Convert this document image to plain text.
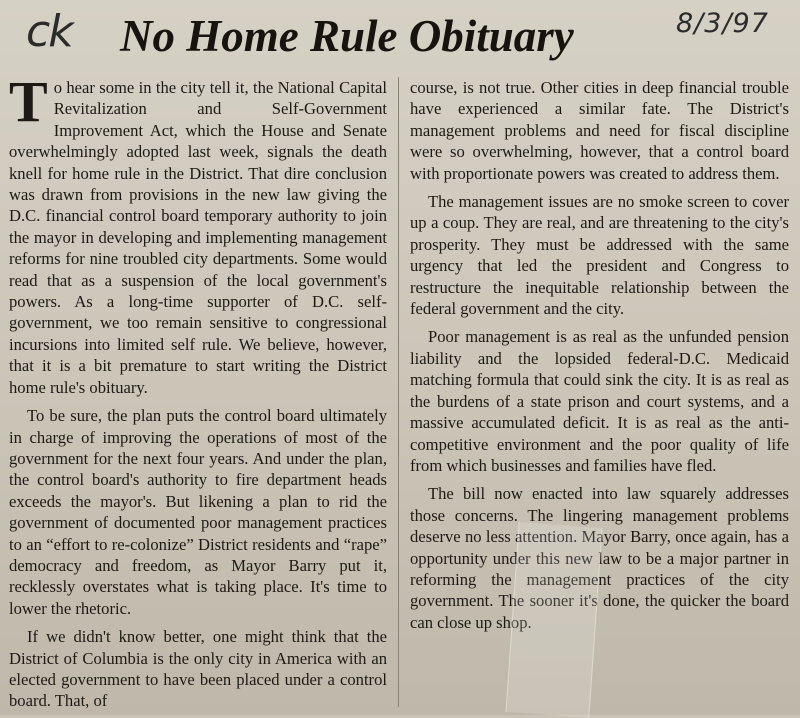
ck No Home Rule Obituary	8/3/97

To hear some in the city tell it, the National Capital Revitalization and Self-Government Improvement Act, which the House and Senate overwhelmingly adopted last week, signals the death knell for home rule in the District. That dire conclusion was drawn from provisions in the new law giving the D.C. financial control board temporary authority to join the mayor in developing and implementing management reforms for nine troubled city departments. Some would read that as a suspension of the local government's powers. As a long-time supporter of D.C. self-government, we too remain sensitive to congressional incursions into limited self rule. We believe, however, that it is a bit premature to start writing the District home rule's obituary.

To be sure, the plan puts the control board ultimately in charge of improving the operations of most of the government for the next four years. And under the plan, the control board's authority to fire department heads exceeds the mayor's. But likening a plan to rid the government of documented poor management practices to an “effort to re-colonize” District residents and “rape” democracy and freedom, as Mayor Barry put it, recklessly overstates what is taking place. It's time to lower the rhetoric.

If we didn't know better, one might think that the District of Columbia is the only city in America with an elected government to have been placed under a control board. That, of

course, is not true. Other cities in deep financial trouble have experienced a similar fate. The District's management problems and need for fiscal discipline were so overwhelming, however, that a control board with proportionate powers was created to address them.

The management issues are no smoke screen to cover up a coup. They are real, and are threatening to the city's prosperity. They must be addressed with the same urgency that led the president and Congress to restructure the inequitable relationship between the federal government and the city.

Poor management is as real as the unfunded pension liability and the lopsided federal-D.C. Medicaid matching formula that could sink the city. It is as real as the burdens of a state prison and court systems, and a massive accumulated deficit. It is as real as the anti-competitive environment and the poor quality of life from which businesses and families have fled.

The bill now enacted into law squarely addresses those concerns. The lingering management problems deserve no less attention. Mayor Barry, once again, has a opportunity under this new law to be a major partner in reforming the management practices of the city government. The sooner it's done, the quicker the board can close up shop.
